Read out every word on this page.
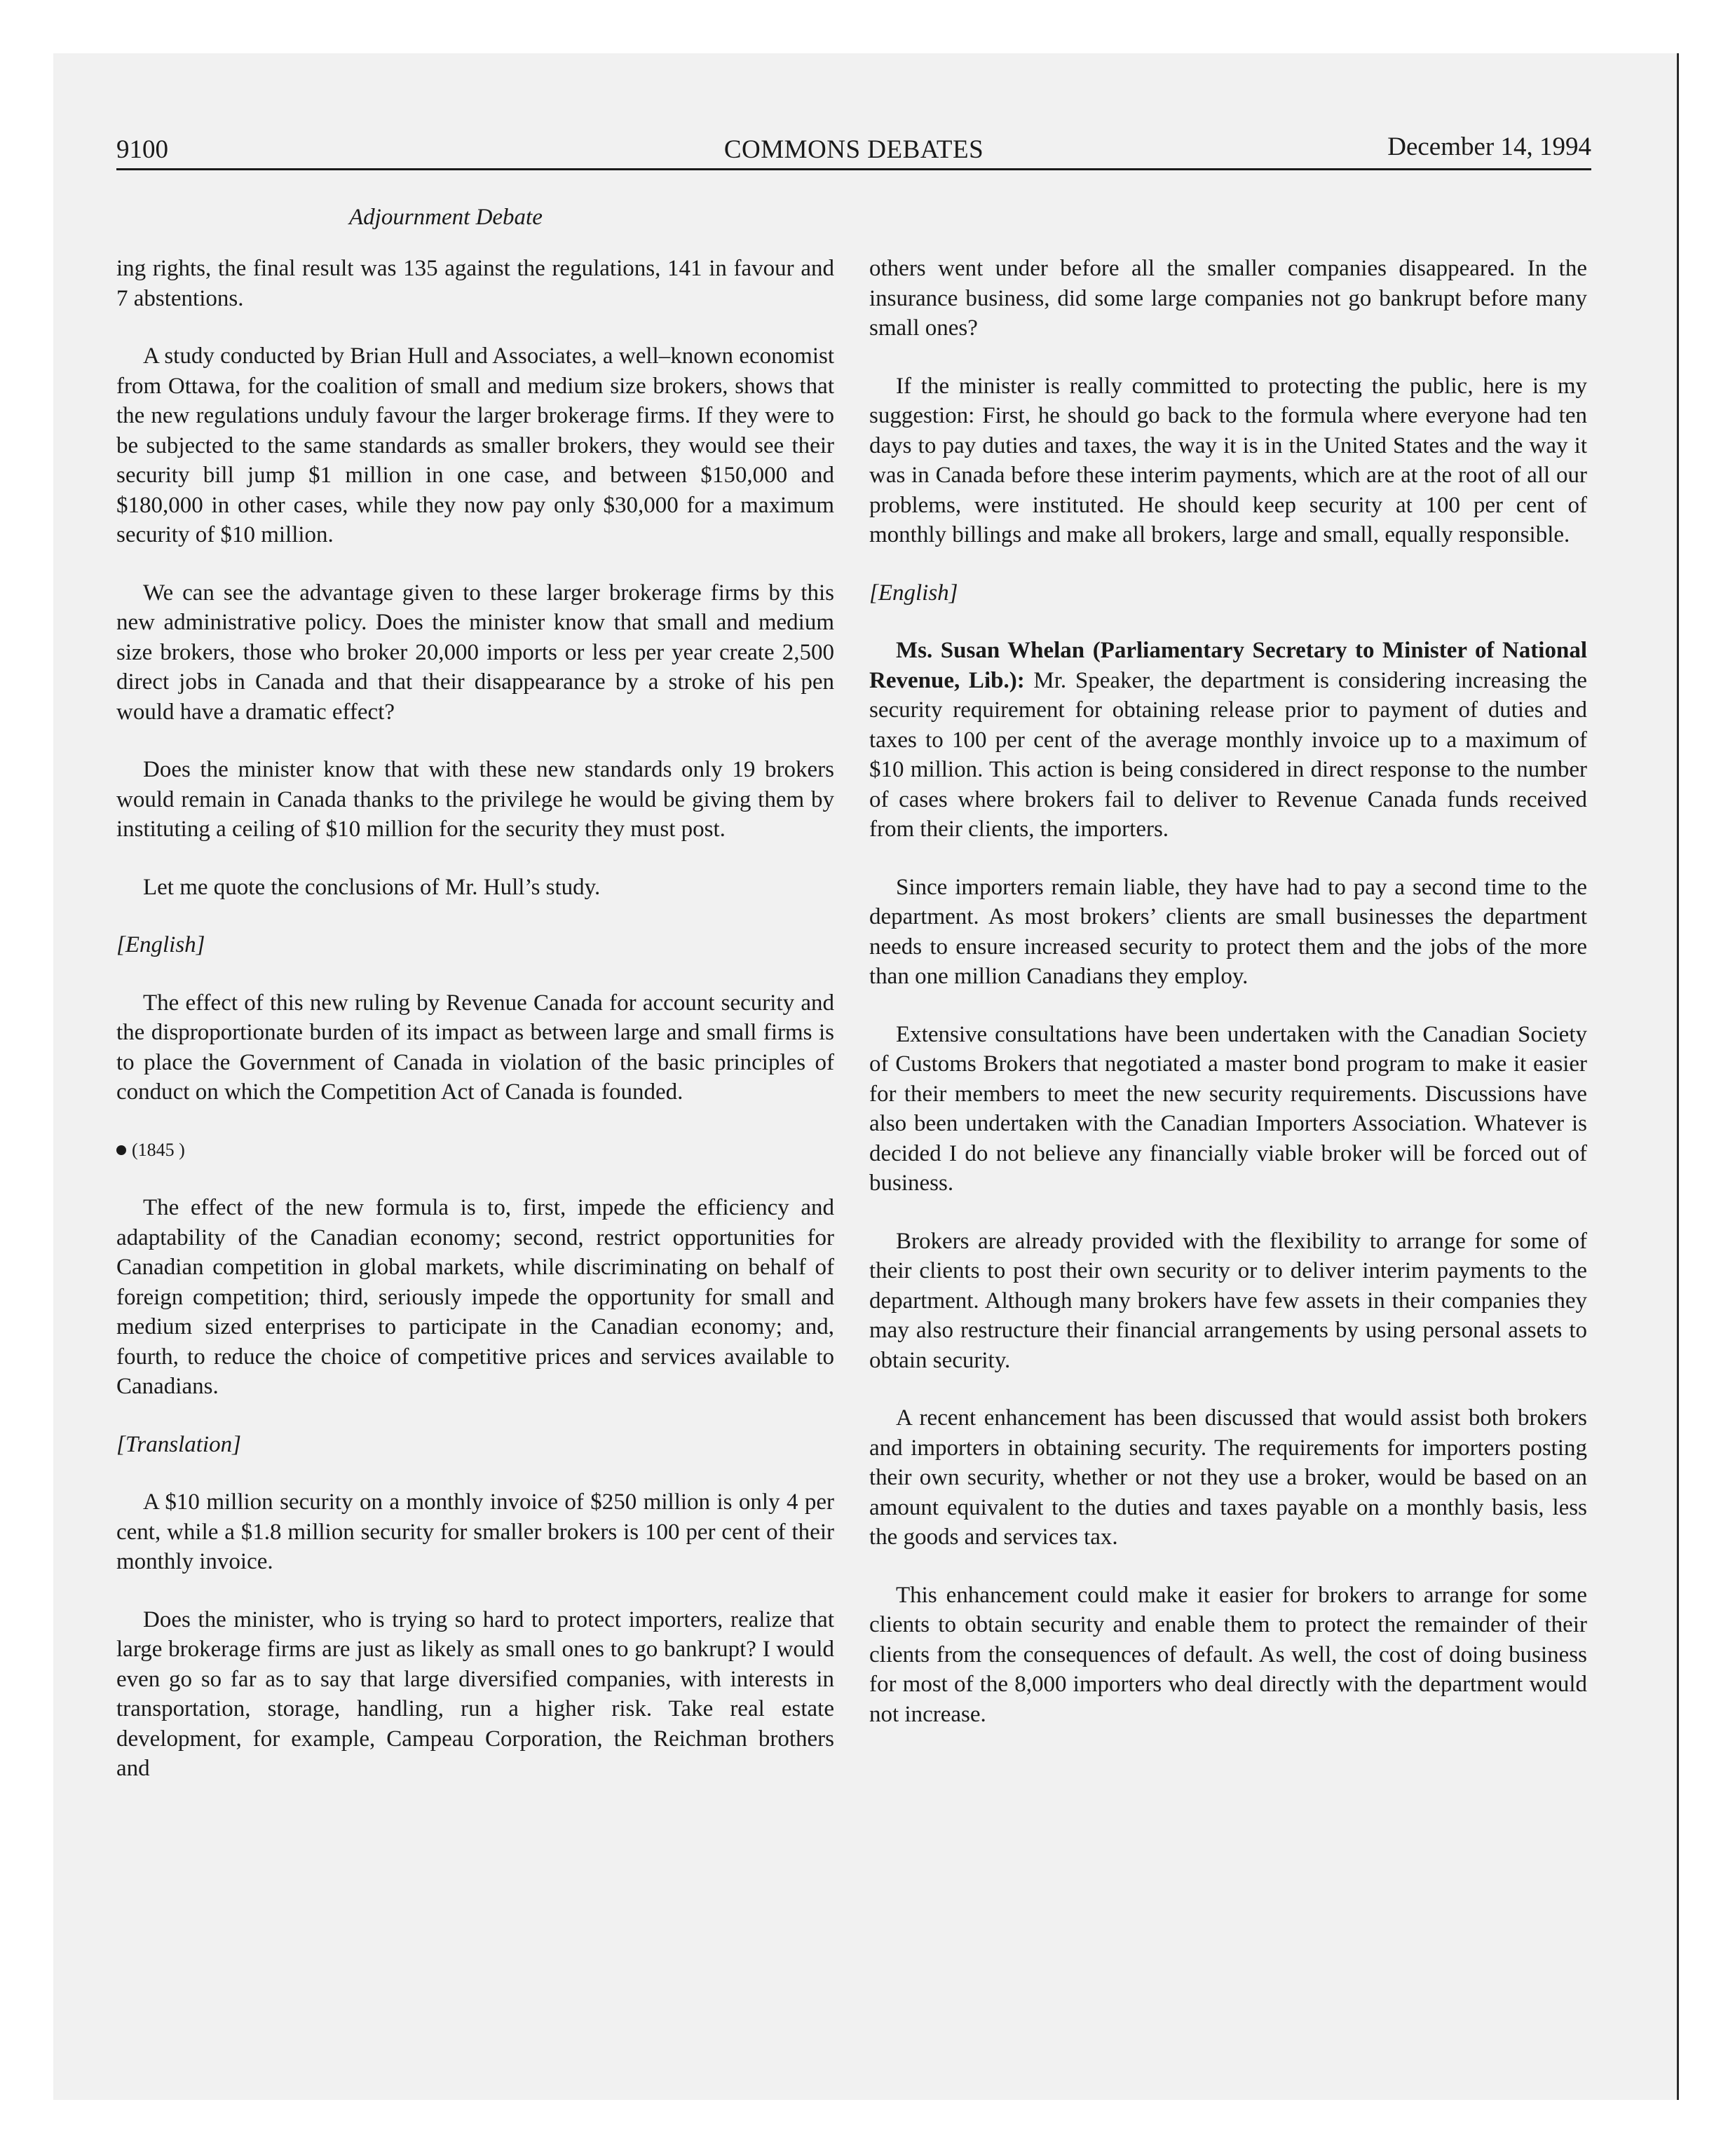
9100	COMMONS DEBATES	December 14, 1994
Adjournment Debate

ing rights, the final result was 135 against the regulations, 141 in favour and 7 abstentions.

A study conducted by Brian Hull and Associates, a well–known economist from Ottawa, for the coalition of small and medium size brokers, shows that the new regulations unduly favour the larger brokerage firms. If they were to be subjected to the same standards as smaller brokers, they would see their security bill jump $1 million in one case, and between $150,000 and $180,000 in other cases, while they now pay only $30,000 for a maximum security of $10 million.

We can see the advantage given to these larger brokerage firms by this new administrative policy. Does the minister know that small and medium size brokers, those who broker 20,000 imports or less per year create 2,500 direct jobs in Canada and that their disappearance by a stroke of his pen would have a dramatic effect?

Does the minister know that with these new standards only 19 brokers would remain in Canada thanks to the privilege he would be giving them by instituting a ceiling of $10 million for the security they must post.

Let me quote the conclusions of Mr. Hull’s study.

[English]

The effect of this new ruling by Revenue Canada for account security and the disproportionate burden of its impact as between large and small firms is to place the Government of Canada in violation of the basic principles of conduct on which the Competition Act of Canada is founded.

(1845 )

The effect of the new formula is to, first, impede the efficiency and adaptability of the Canadian economy; second, restrict opportunities for Canadian competition in global markets, while discriminating on behalf of foreign competition; third, seriously impede the opportunity for small and medium sized enterprises to participate in the Canadian economy; and, fourth, to reduce the choice of competitive prices and services available to Canadians.

[Translation]

A $10 million security on a monthly invoice of $250 million is only 4 per cent, while a $1.8 million security for smaller brokers is 100 per cent of their monthly invoice.

Does the minister, who is trying so hard to protect importers, realize that large brokerage firms are just as likely as small ones to go bankrupt? I would even go so far as to say that large diversified companies, with interests in transportation, storage, handling, run a higher risk. Take real estate development, for example, Campeau Corporation, the Reichman brothers and

others went under before all the smaller companies disappeared. In the insurance business, did some large companies not go bankrupt before many small ones?

If the minister is really committed to protecting the public, here is my suggestion: First, he should go back to the formula where everyone had ten days to pay duties and taxes, the way it is in the United States and the way it was in Canada before these interim payments, which are at the root of all our problems, were instituted. He should keep security at 100 per cent of monthly billings and make all brokers, large and small, equally responsible.

[English]

Ms. Susan Whelan (Parliamentary Secretary to Minister of National Revenue, Lib.): Mr. Speaker, the department is considering increasing the security requirement for obtaining release prior to payment of duties and taxes to 100 per cent of the average monthly invoice up to a maximum of $10 million. This action is being considered in direct response to the number of cases where brokers fail to deliver to Revenue Canada funds received from their clients, the importers.

Since importers remain liable, they have had to pay a second time to the department. As most brokers’ clients are small businesses the department needs to ensure increased security to protect them and the jobs of the more than one million Canadians they employ.

Extensive consultations have been undertaken with the Canadian Society of Customs Brokers that negotiated a master bond program to make it easier for their members to meet the new security requirements. Discussions have also been undertaken with the Canadian Importers Association. Whatever is decided I do not believe any financially viable broker will be forced out of business.

Brokers are already provided with the flexibility to arrange for some of their clients to post their own security or to deliver interim payments to the department. Although many brokers have few assets in their companies they may also restructure their financial arrangements by using personal assets to obtain security.

A recent enhancement has been discussed that would assist both brokers and importers in obtaining security. The requirements for importers posting their own security, whether or not they use a broker, would be based on an amount equivalent to the duties and taxes payable on a monthly basis, less the goods and services tax.

This enhancement could make it easier for brokers to arrange for some clients to obtain security and enable them to protect the remainder of their clients from the consequences of default. As well, the cost of doing business for most of the 8,000 importers who deal directly with the department would not increase.
